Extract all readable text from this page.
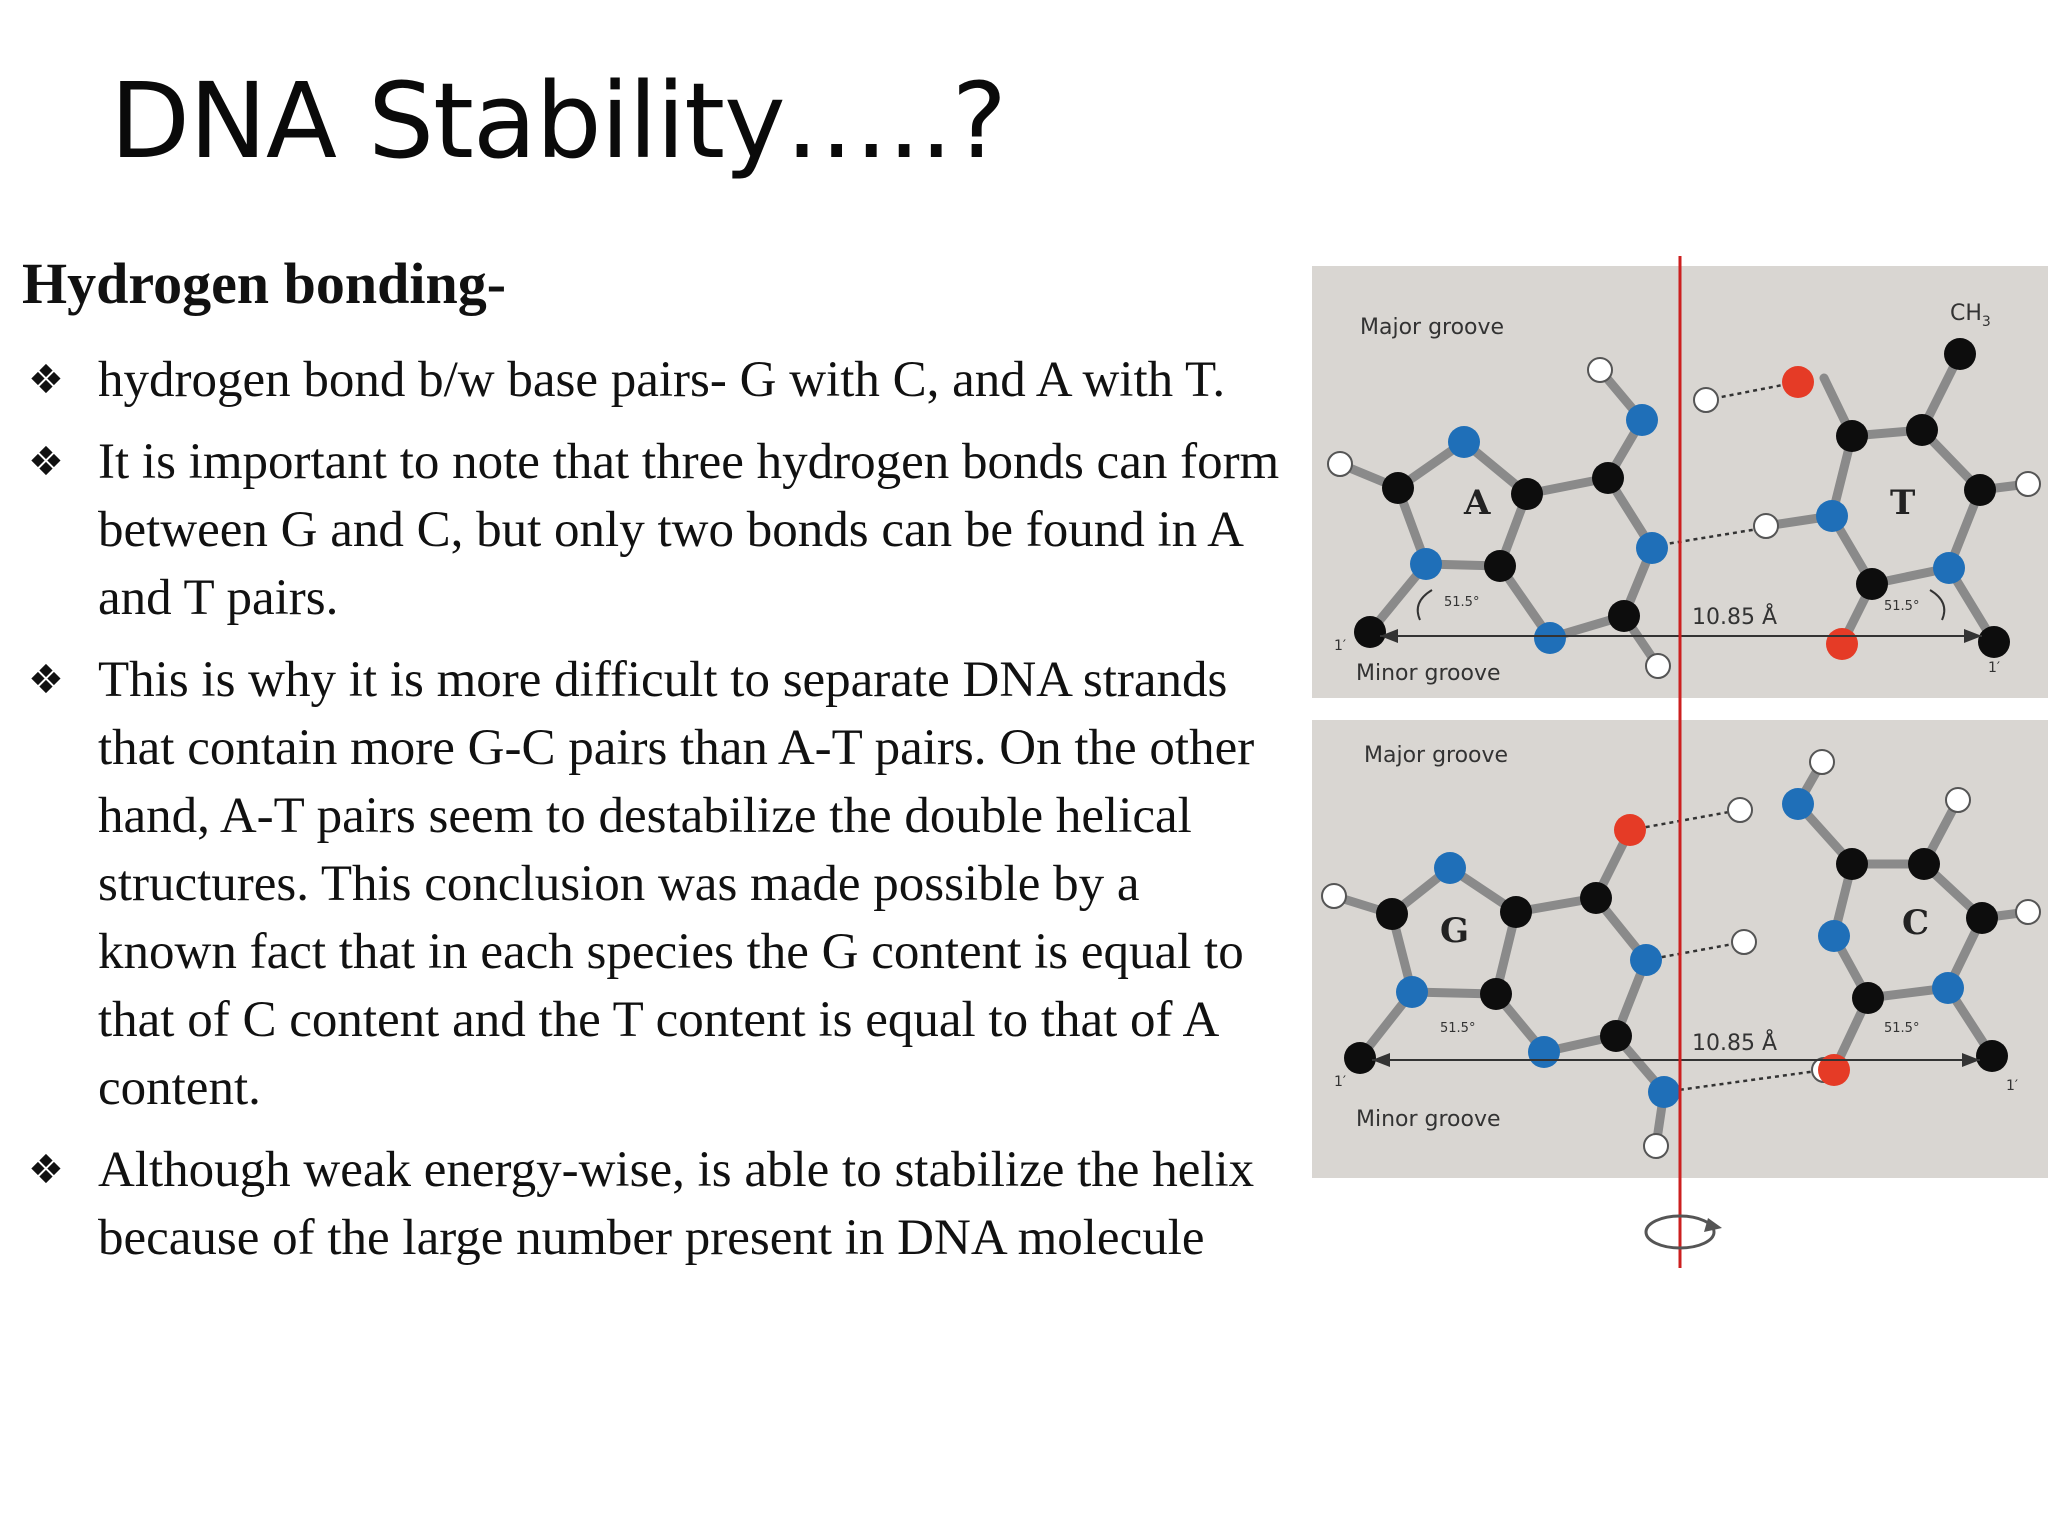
DNA Stability…..?
Hydrogen bonding-
❖ hydrogen bond b/w base pairs- G with C, and A with T.
❖ It is important to note that three hydrogen bonds can form between G and C, but only two bonds can be found in A and T pairs.
❖ This is why it is more difficult to separate DNA strands that contain more G-C pairs than A-T pairs. On the other hand, A-T pairs seem to destabilize the double helical structures. This conclusion was made possible by a known fact that in each species the G content is equal to that of C content and the T content is equal to that of A content.
❖ Although weak energy-wise, is able to stabilize the helix because of the large number present in DNA molecule
A	T
Major groove
Minor groove
$CH_3$
10.85 Å
51.5°	51.5°
1′
1′
G	C
Major groove
Minor groove
10.85 Å
51.5°	51.5°
1′	1′
